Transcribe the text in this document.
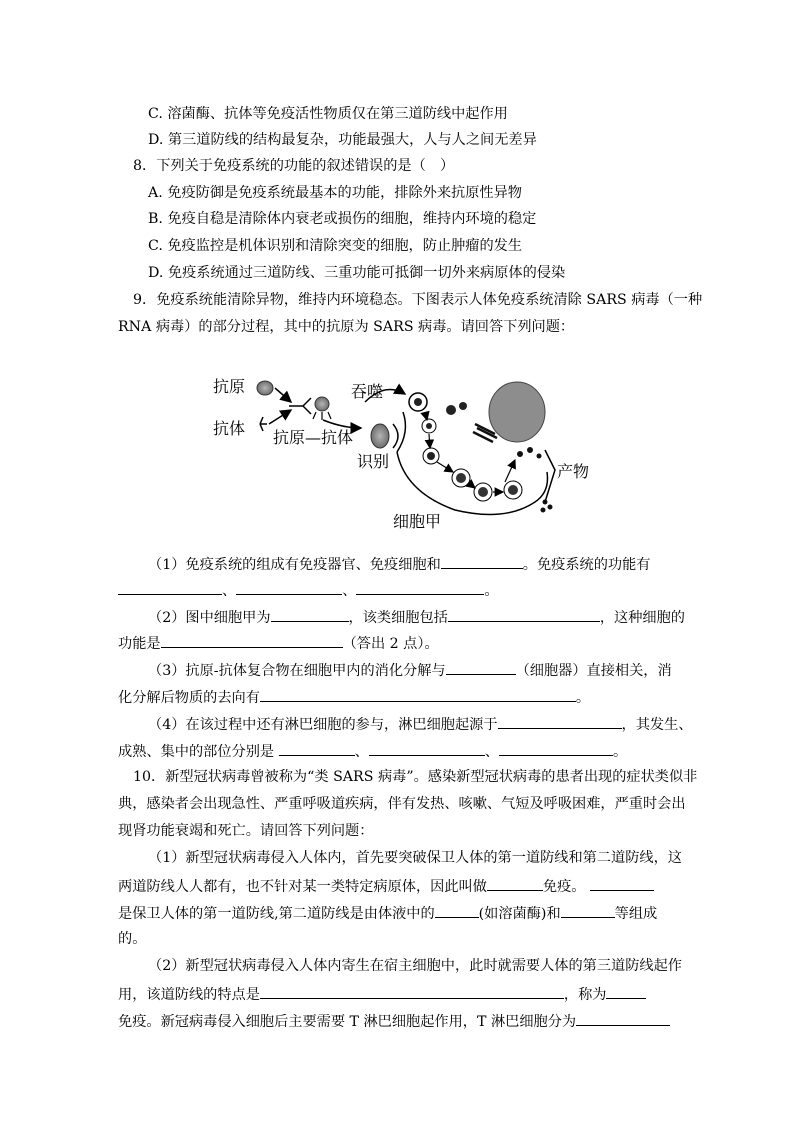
C. 溶菌酶、抗体等免疫活性物质仅在第三道防线中起作用
D. 第三道防线的结构最复杂，功能最强大，人与人之间无差异
8．下列关于免疫系统的功能的叙述错误的是（　）
A. 免疫防御是免疫系统最基本的功能，排除外来抗原性异物
B. 免疫自稳是清除体内衰老或损伤的细胞，维持内环境的稳定
C. 免疫监控是机体识别和清除突变的细胞，防止肿瘤的发生
D. 免疫系统通过三道防线、三重功能可抵御一切外来病原体的侵染
9．免疫系统能清除异物，维持内环境稳态。下图表示人体免疫系统清除 SARS 病毒（一种
RNA 病毒）的部分过程，其中的抗原为 SARS 病毒。请回答下列问题：
抗原
抗体 抗原—抗体
吞噬
识别
产物
细胞甲
（1）免疫系统的组成有免疫器官、免疫细胞和	。免疫系统的功能有
、	、	。
（2）图中细胞甲为	，该类细胞包括	，这种细胞的
功能是	（答出 2 点）。
（3）抗原-抗体复合物在细胞甲内的消化分解与	（细胞器）直接相关，消
化分解后物质的去向有	。
（4）在该过程中还有淋巴细胞的参与，淋巴细胞起源于	，其发生、
成熟、集中的部位分别是	、	、	。
10．新型冠状病毒曾被称为“类 SARS 病毒”。感染新型冠状病毒的患者出现的症状类似非
典，感染者会出现急性、严重呼吸道疾病，伴有发热、咳嗽、气短及呼吸困难，严重时会出
现肾功能衰竭和死亡。请回答下列问题：
（1）新型冠状病毒侵入人体内，首先要突破保卫人体的第一道防线和第二道防线，这
两道防线人人都有，也不针对某一类特定病原体，因此叫做	免疫。
是保卫人体的第一道防线,第二道防线是由体液中的	(如溶菌酶)和	等组成
的。
（2）新型冠状病毒侵入人体内寄生在宿主细胞中，此时就需要人体的第三道防线起作
用，该道防线的特点是	，称为
免疫。新冠病毒侵入细胞后主要需要 T 淋巴细胞起作用，T 淋巴细胞分为
